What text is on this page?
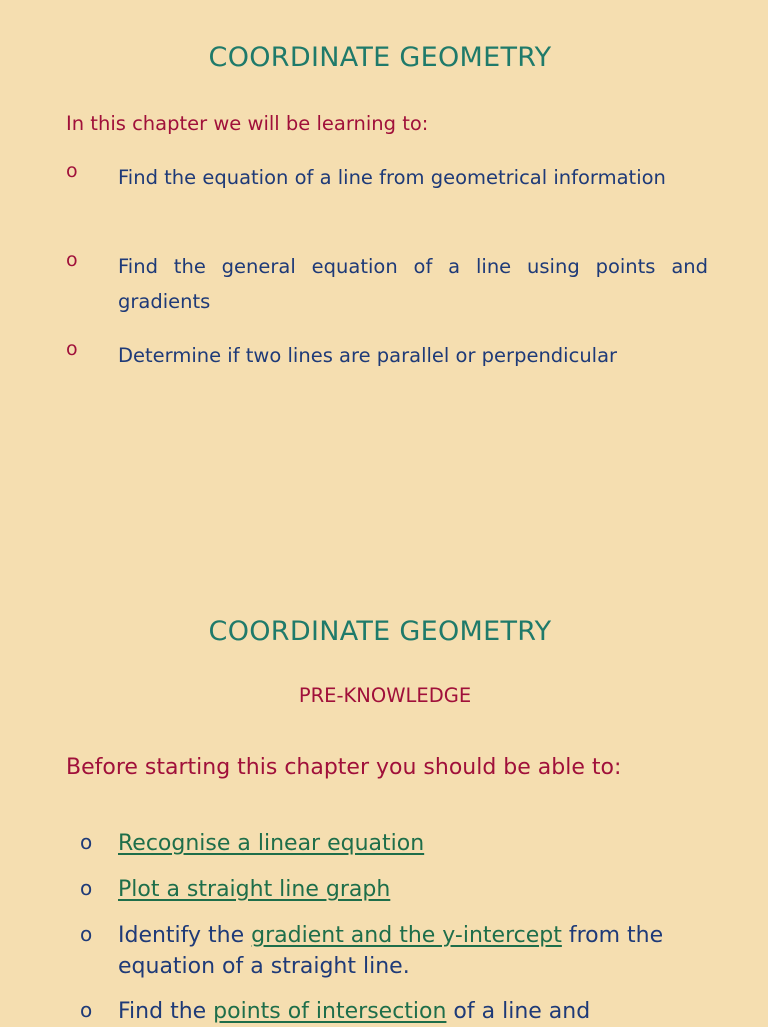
COORDINATE GEOMETRY
In this chapter we will be learning to:
o Find the equation of a line from geometrical information
o Find the general equation of a line using points and gradients
o Determine if two lines are parallel or perpendicular
COORDINATE GEOMETRY
PRE-KNOWLEDGE
Before starting this chapter you should be able to:
o Recognise a linear equation
o Plot a straight line graph
o Identify the gradient and the y-intercept from the equation of a straight line.
o Find the points of intersection of a line and
